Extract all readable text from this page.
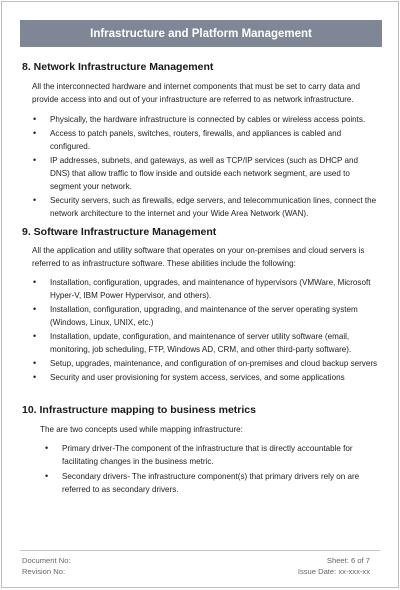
Infrastructure and Platform Management
8. Network Infrastructure Management

All the interconnected hardware and internet components that must be set to carry data and provide access into and out of your infrastructure are referred to as network infrastructure.

• Physically, the hardware infrastructure is connected by cables or wireless access points.
• Access to patch panels, switches, routers, firewalls, and appliances is cabled and configured.
• IP addresses, subnets, and gateways, as well as TCP/IP services (such as DHCP and DNS) that allow traffic to flow inside and outside each network segment, are used to segment your network.
• Security servers, such as firewalls, edge servers, and telecommunication lines, connect the network architecture to the internet and your Wide Area Network (WAN).
9. Software Infrastructure Management

All the application and utility software that operates on your on-premises and cloud servers is referred to as infrastructure software. These abilities include the following:

• Installation, configuration, upgrades, and maintenance of hypervisors (VMWare, Microsoft Hyper-V, IBM Power Hypervisor, and others).
• Installation, configuration, upgrading, and maintenance of the server operating system (Windows, Linux, UNIX, etc.)
• Installation, update, configuration, and maintenance of server utility software (email, monitoring, job scheduling, FTP, Windows AD, CRM, and other third-party software).
• Setup, upgrades, maintenance, and configuration of on-premises and cloud backup servers
• Security and user provisioning for system access, services, and some applications
10. Infrastructure mapping to business metrics

The are two concepts used while mapping infrastructure:

• Primary driver-The component of the infrastructure that is directly accountable for facilitating changes in the business metric.
• Secondary drivers- The infrastructure component(s) that primary drivers rely on are referred to as secondary drivers.
Document No:	Sheet: 6 of 7
Revision No:	Issue Date: xx-xxx-xx
